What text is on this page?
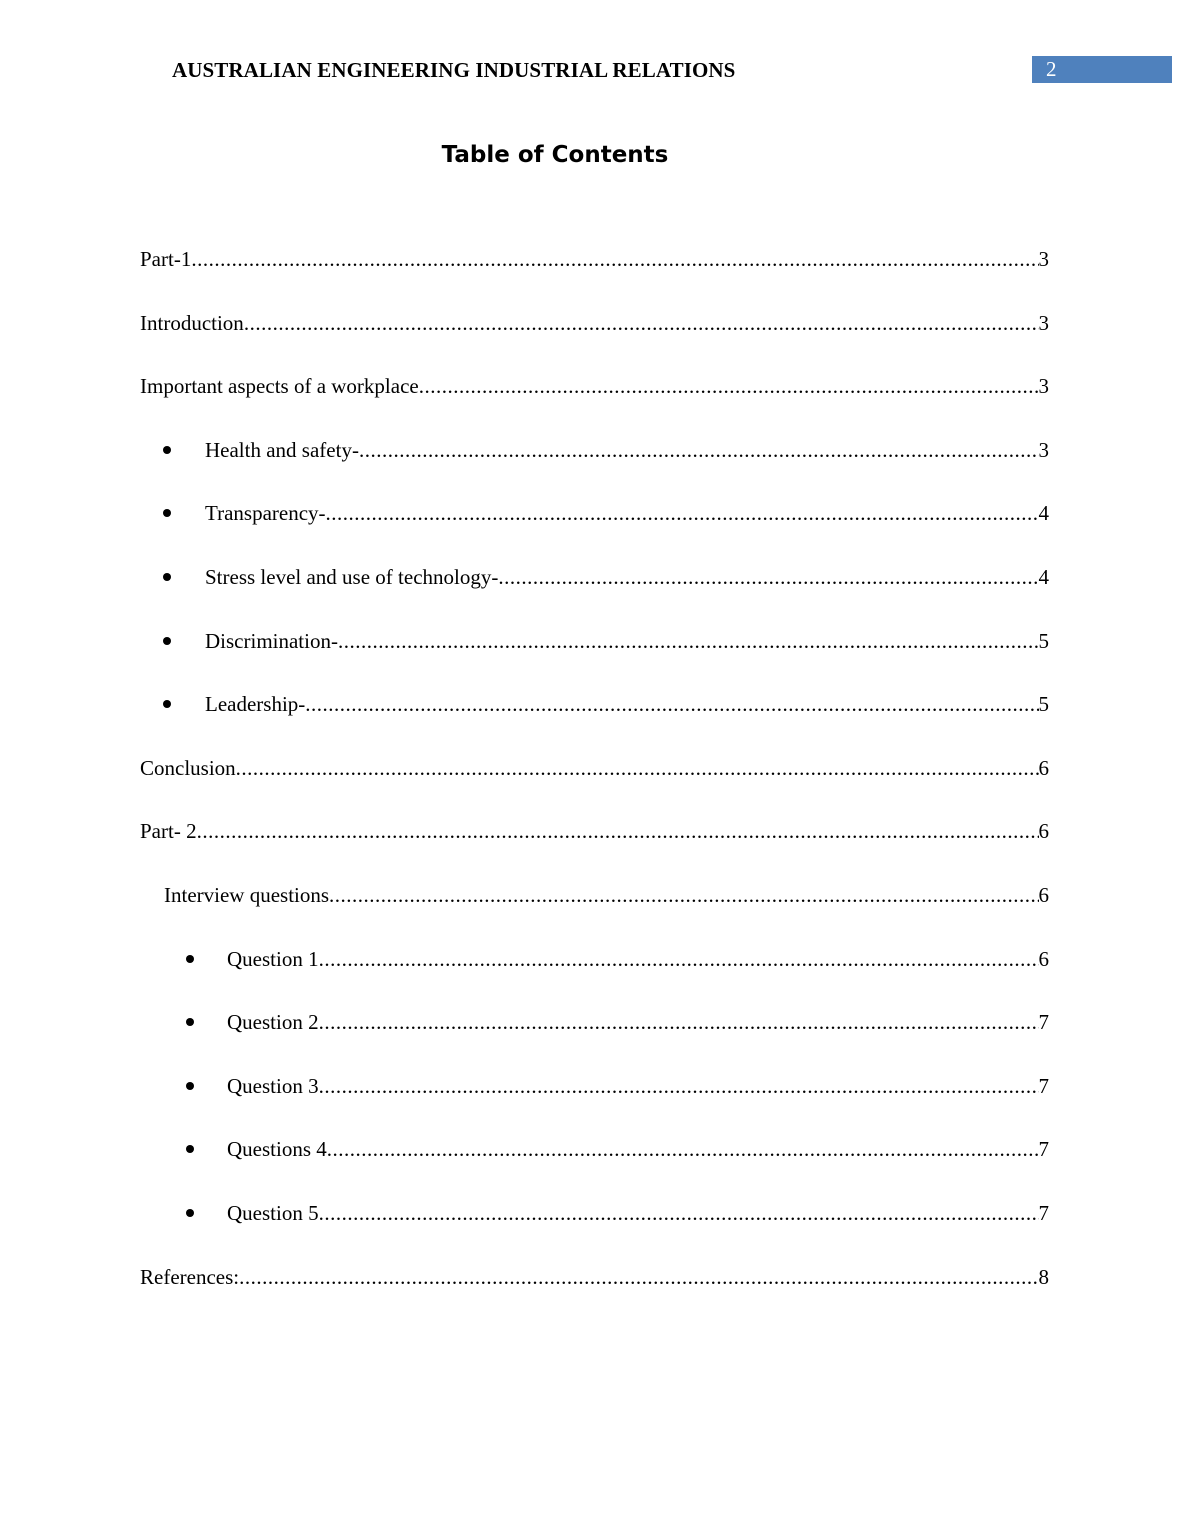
AUSTRALIAN ENGINEERING INDUSTRIAL RELATIONS	2
Table of Contents
Part-1 .....	3
Introduction .....	3
Important aspects of a workplace .....	3
Health and safety- .....	3
Transparency- .....	4
Stress level and use of technology- .....	4
Discrimination- .....	5
Leadership- .....	5
Conclusion .....	6
Part- 2 .....	6
Interview questions .....	6
Question 1 .....	6
Question 2 .....	7
Question 3 .....	7
Questions 4 .....	7
Question 5 .....	7
References: .....	8
